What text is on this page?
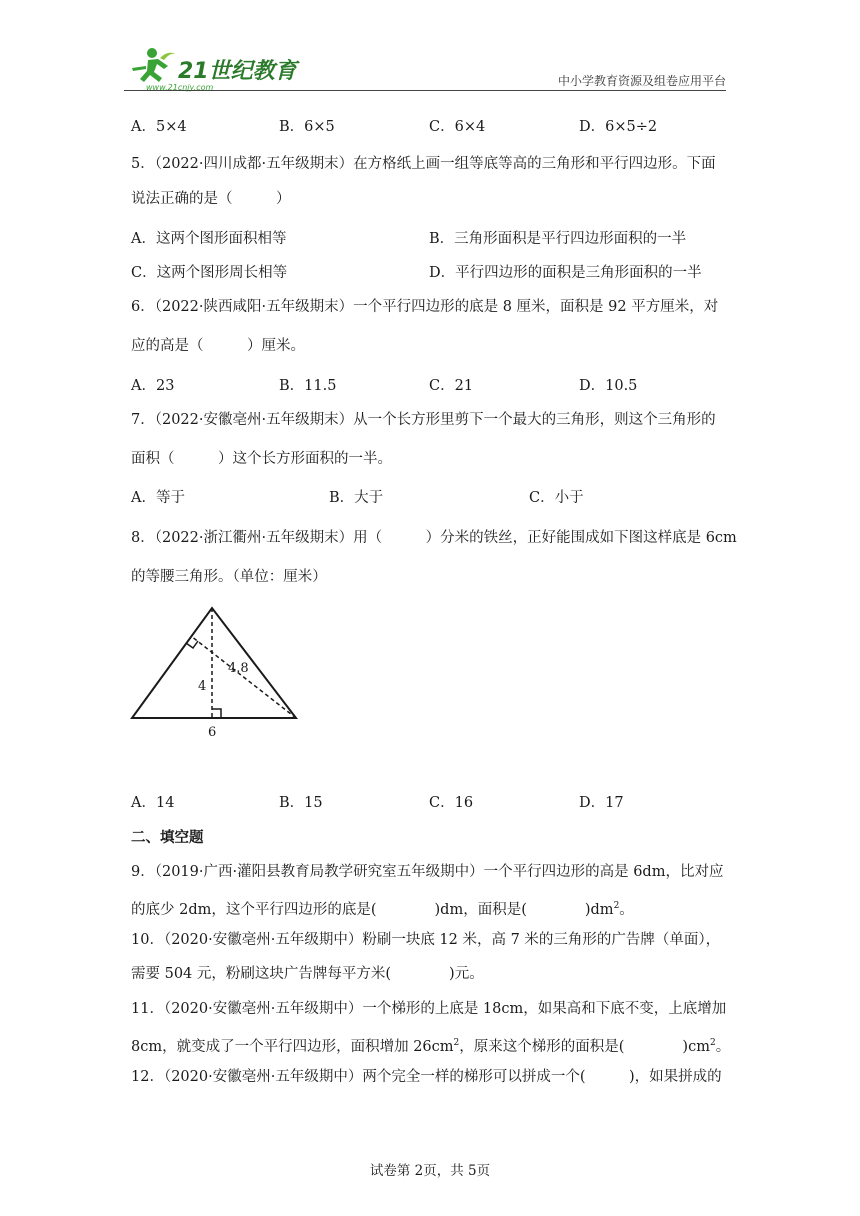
21世纪教育
www.21cnjy.com	中小学教育资源及组卷应用平台
A．5×4	B．6×5	C．6×4	D．6×5÷2
5．（2022·四川成都·五年级期末）在方格纸上画一组等底等高的三角形和平行四边形。下面
说法正确的是（　　　）
A．这两个图形面积相等	B．三角形面积是平行四边形面积的一半
C．这两个图形周长相等	D．平行四边形的面积是三角形面积的一半
6．（2022·陕西咸阳·五年级期末）一个平行四边形的底是 8 厘米，面积是 92 平方厘米，对
应的高是（　　　）厘米。
A．23	B．11.5	C．21	D．10.5
7．（2022·安徽亳州·五年级期末）从一个长方形里剪下一个最大的三角形，则这个三角形的
面积（　　　）这个长方形面积的一半。
A．等于	B．大于	C．小于
8．（2022·浙江衢州·五年级期末）用（　　　）分米的铁丝，正好能围成如下图这样底是 6cm
的等腰三角形。（单位：厘米）
4.8
4
6
A．14	B．15	C．16	D．17
二、填空题
9．（2019·广西·灌阳县教育局教学研究室五年级期中）一个平行四边形的高是 6dm，比对应
的底少 2dm，这个平行四边形的底是(　　　　)dm，面积是(　　　　)$dm^2$。
10．（2020·安徽亳州·五年级期中）粉刷一块底 12 米，高 7 米的三角形的广告牌（单面），
需要 504 元，粉刷这块广告牌每平方米(　　　　)元。
11．（2020·安徽亳州·五年级期中）一个梯形的上底是 18cm，如果高和下底不变，上底增加
8cm，就变成了一个平行四边形，面积增加 $26cm^2$，原来这个梯形的面积是(　　　　)$cm^2$。
12．（2020·安徽亳州·五年级期中）两个完全一样的梯形可以拼成一个(　　　)，如果拼成的
试卷第 2页，共 5页
